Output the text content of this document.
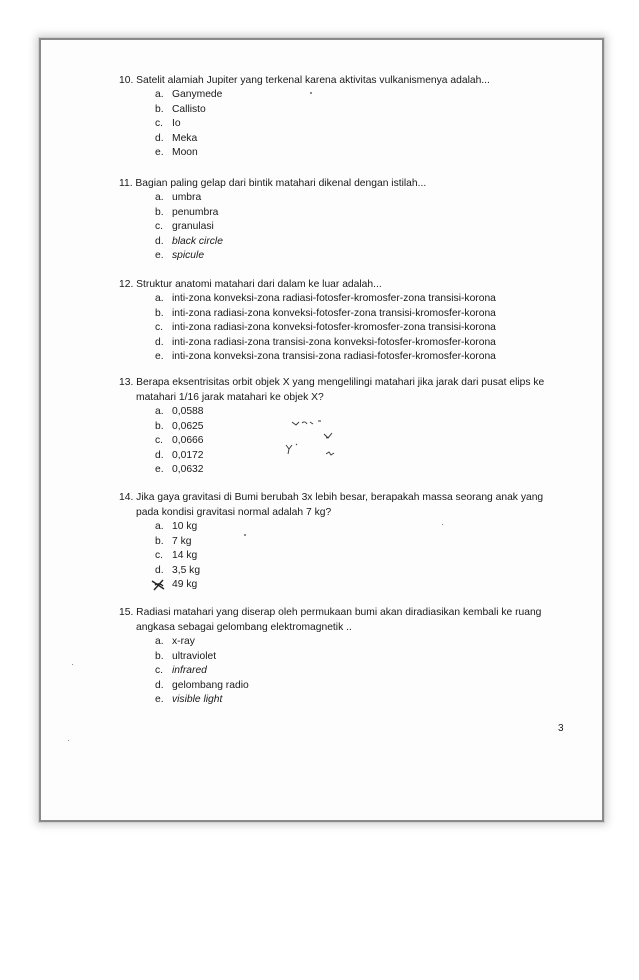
10. Satelit alamiah Jupiter yang terkenal karena aktivitas vulkanismenya adalah...
a. Ganymede
b. Callisto
c. Io
d. Meka
e. Moon
11. Bagian paling gelap dari bintik matahari dikenal dengan istilah...
a. umbra
b. penumbra
c. granulasi
d. black circle
e. spicule
12. Struktur anatomi matahari dari dalam ke luar adalah...
a. inti-zona konveksi-zona radiasi-fotosfer-kromosfer-zona transisi-korona
b. inti-zona radiasi-zona konveksi-fotosfer-zona transisi-kromosfer-korona
c. inti-zona radiasi-zona konveksi-fotosfer-kromosfer-zona transisi-korona
d. inti-zona radiasi-zona transisi-zona konveksi-fotosfer-kromosfer-korona
e. inti-zona konveksi-zona transisi-zona radiasi-fotosfer-kromosfer-korona
13. Berapa eksentrisitas orbit objek X yang mengelilingi matahari jika jarak dari pusat elips ke matahari 1/16 jarak matahari ke objek X?
a. 0,0588
b. 0,0625
c. 0,0666
d. 0,0172
e. 0,0632
14. Jika gaya gravitasi di Bumi berubah 3x lebih besar, berapakah massa seorang anak yang pada kondisi gravitasi normal adalah 7 kg?
a. 10 kg
b. 7 kg
c. 14 kg
d. 3,5 kg
49 kg
15. Radiasi matahari yang diserap oleh permukaan bumi akan diradiasikan kembali ke ruang angkasa sebagai gelombang elektromagnetik ..
a. x-ray
b. ultraviolet
c. infrared
d. gelombang radio
e. visible light
3
